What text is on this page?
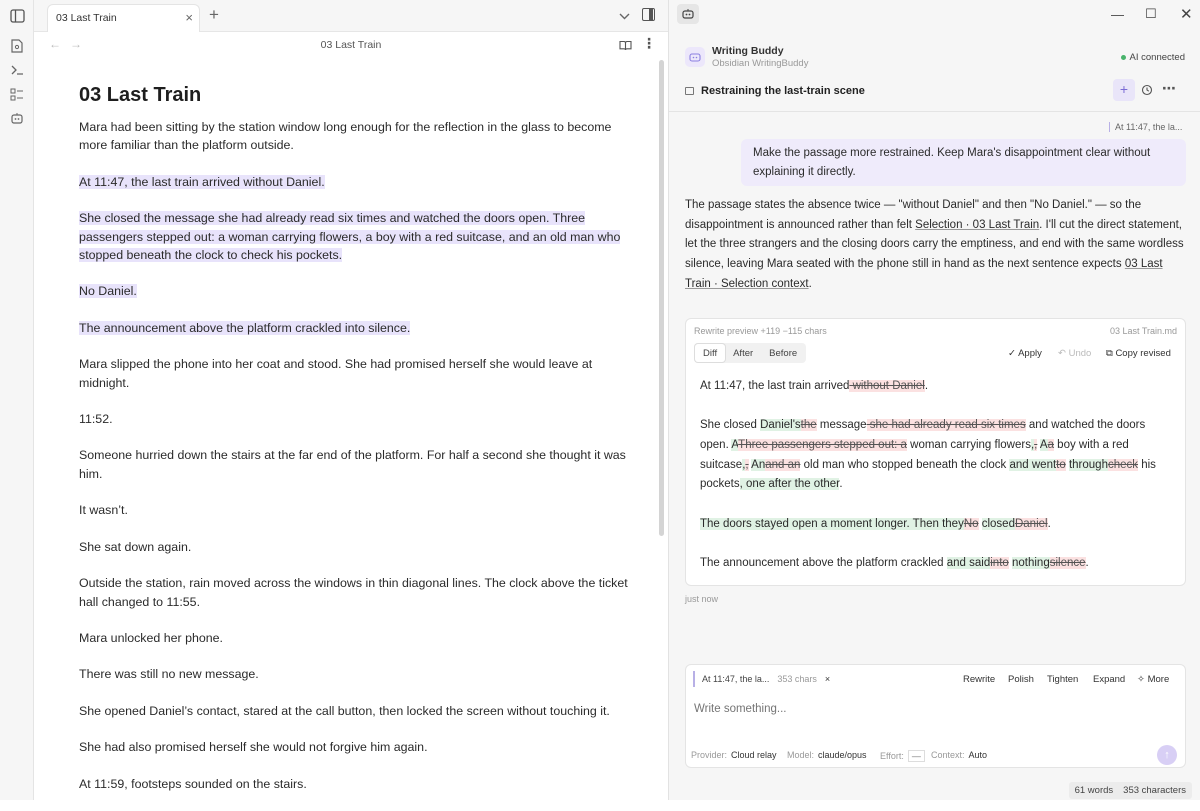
03 Last Train	× +
← →	03 Last Train	⋮
03 Last Train

Mara had been sitting by the station window long enough for the reflection in the glass to become more familiar than the platform outside.

At 11:47, the last train arrived without Daniel.

She closed the message she had already read six times and watched the doors open. Three passengers stepped out: a woman carrying flowers, a boy with a red suitcase, and an old man who stopped beneath the clock to check his pockets.

No Daniel.

The announcement above the platform crackled into silence.

Mara slipped the phone into her coat and stood. She had promised herself she would leave at midnight.

11:52.

Someone hurried down the stairs at the far end of the platform. For half a second she thought it was him.

It wasn’t.

She sat down again.

Outside the station, rain moved across the windows in thin diagonal lines. The clock above the ticket hall changed to 11:55.

Mara unlocked her phone.

There was still no new message.

She opened Daniel’s contact, stared at the call button, then locked the screen without touching it.

She had also promised herself she would not forgive him again.

At 11:59, footsteps sounded on the stairs.

— ☐ ✕
Writing Buddy
Obsidian WritingBuddy
AI connected
Restraining the last-train scene	+	⋯
At 11:47, the la...
Make the passage more restrained. Keep Mara's disappointment clear without explaining it directly.
The passage states the absence twice — "without Daniel" and then "No Daniel." — so the disappointment is announced rather than felt Selection · 03 Last Train. I'll cut the direct statement, let the three strangers and the closing doors carry the emptiness, and end with the same wordless silence, leaving Mara seated with the phone still in hand as the next sentence expects 03 Last Train · Selection context.
Rewrite preview +119 −115 chars	03 Last Train.md
Diff	After	Before	✓ Apply ↶ Undo ⧉ Copy revised

At 11:47, the last train arrived without Daniel.

She closed Daniel'sthe message she had already read six times and watched the doors open. AThree passengers stepped out: a woman carrying flowers,, Aa boy with a red suitcase,, Anand an old man who stopped beneath the clock and wentto throughcheck his pockets, one after the other.

The doors stayed open a moment longer. Then theyNo closedDaniel.

The announcement above the platform crackled and saidinto nothingsilence.

just now
At 11:47, the la... 353 chars ×	Rewrite Polish Tighten Expand ✧ More
Write something...
Provider: Cloud relay Model: claude/opus Effort: —	Context: Auto	↑
61 words 353 characters
